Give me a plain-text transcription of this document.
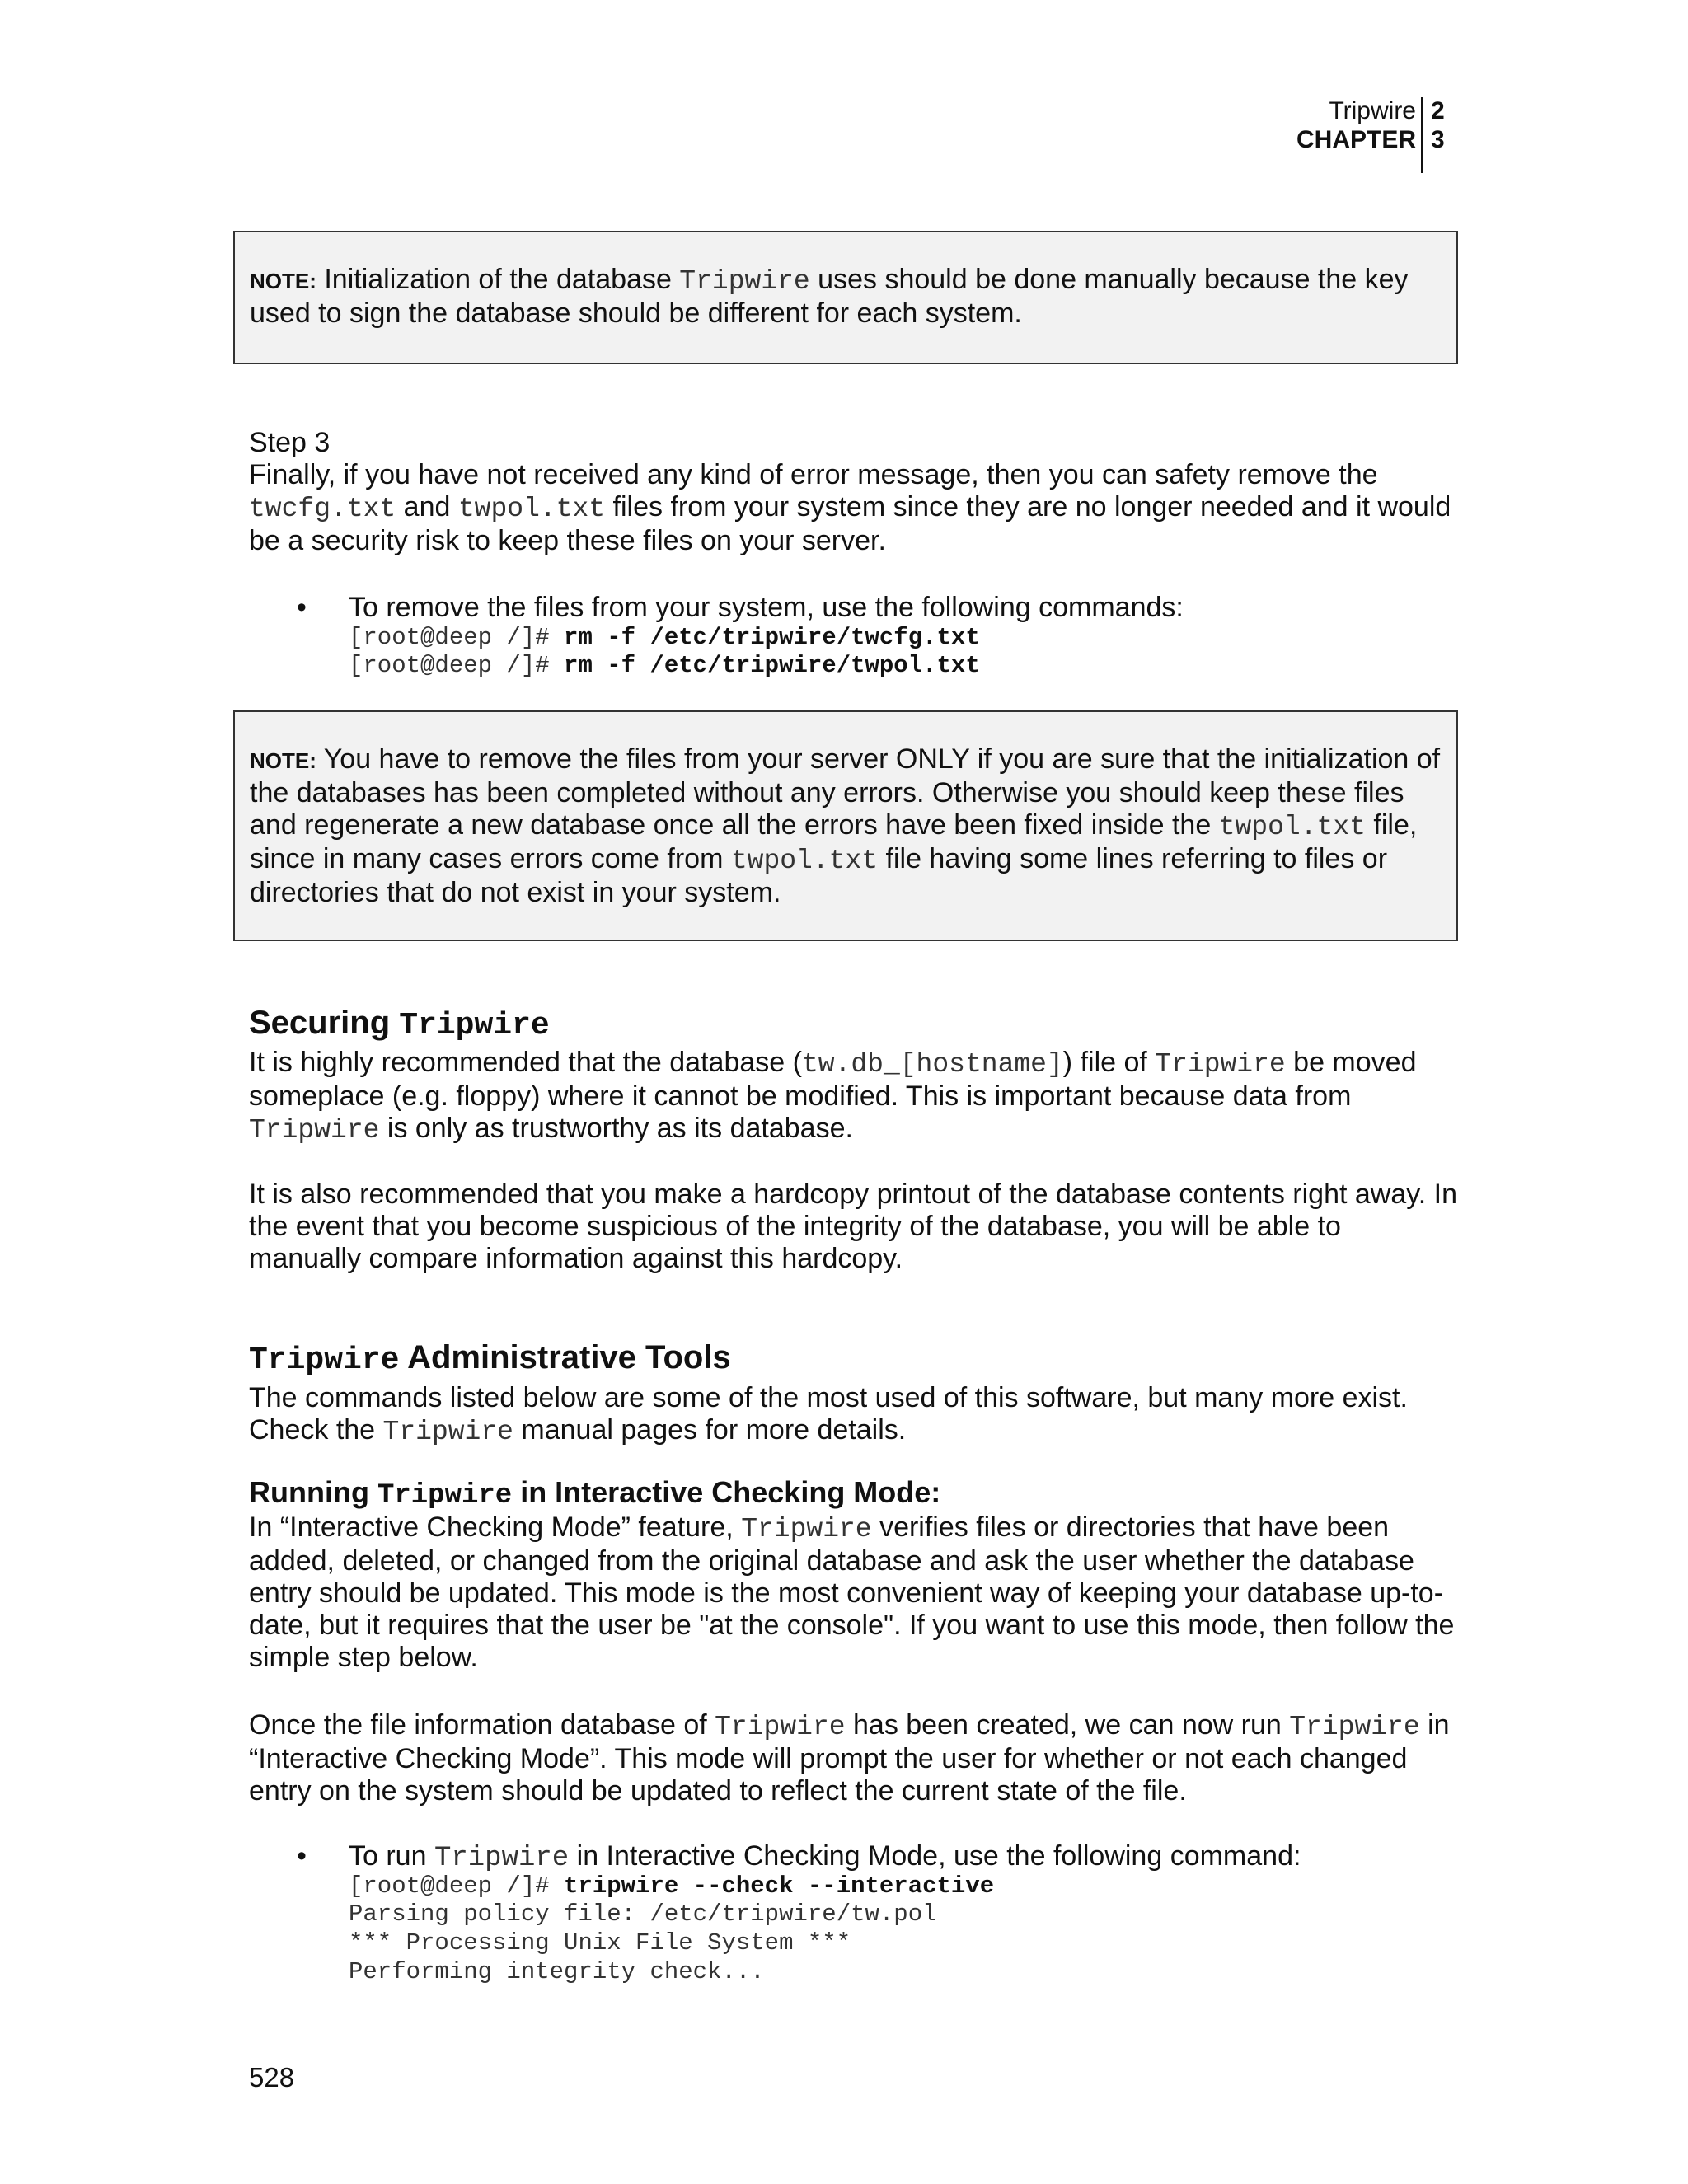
Tripwire
CHAPTER
2
3
NOTE: Initialization of the database Tripwire uses should be done manually because the key used to sign the database should be different for each system.
Step 3
Finally, if you have not received any kind of error message, then you can safety remove the twcfg.txt and twpol.txt files from your system since they are no longer needed and it would be a security risk to keep these files on your server.
• To remove the files from your system, use the following commands:
[root@deep /]# rm -f /etc/tripwire/twcfg.txt
[root@deep /]# rm -f /etc/tripwire/twpol.txt
NOTE: You have to remove the files from your server ONLY if you are sure that the initialization of the databases has been completed without any errors. Otherwise you should keep these files and regenerate a new database once all the errors have been fixed inside the twpol.txt file, since in many cases errors come from twpol.txt file having some lines referring to files or directories that do not exist in your system.
Securing Tripwire
It is highly recommended that the database (tw.db_[hostname]) file of Tripwire be moved someplace (e.g. floppy) where it cannot be modified. This is important because data from Tripwire is only as trustworthy as its database.
It is also recommended that you make a hardcopy printout of the database contents right away. In the event that you become suspicious of the integrity of the database, you will be able to manually compare information against this hardcopy.
Tripwire Administrative Tools
The commands listed below are some of the most used of this software, but many more exist. Check the Tripwire manual pages for more details.
Running Tripwire in Interactive Checking Mode:
In “Interactive Checking Mode” feature, Tripwire verifies files or directories that have been added, deleted, or changed from the original database and ask the user whether the database entry should be updated. This mode is the most convenient way of keeping your database up-to-date, but it requires that the user be "at the console". If you want to use this mode, then follow the simple step below.
Once the file information database of Tripwire has been created, we can now run Tripwire in “Interactive Checking Mode”. This mode will prompt the user for whether or not each changed entry on the system should be updated to reflect the current state of the file.
• To run Tripwire in Interactive Checking Mode, use the following command:
[root@deep /]# tripwire --check --interactive
Parsing policy file: /etc/tripwire/tw.pol
*** Processing Unix File System ***
Performing integrity check...
528
